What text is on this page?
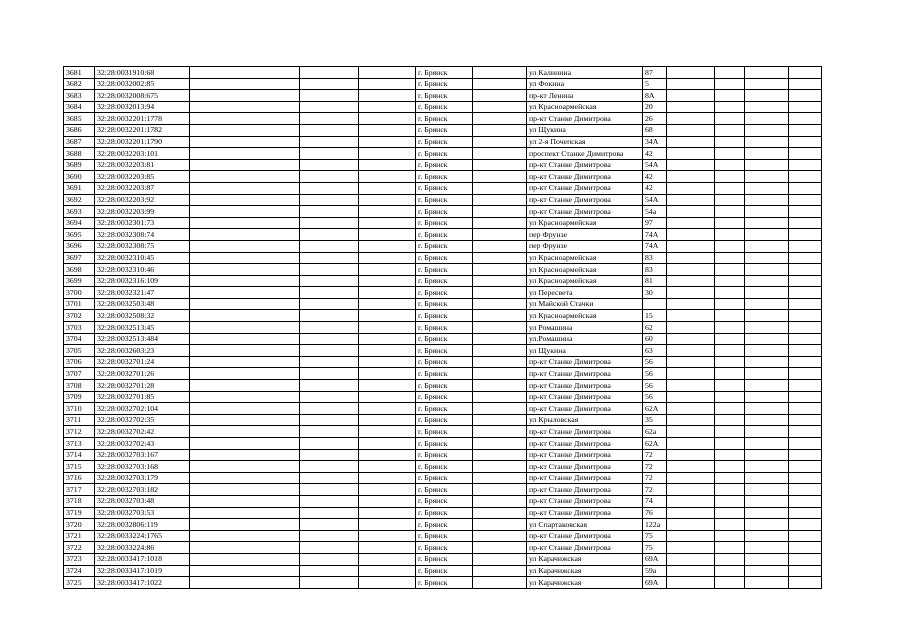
3681	32:28:0031910:68				г. Брянск		ул Калинина	87				
3682	32:28:0032002:85				г. Брянск		ул Фокина	5				
3683	32:28:0032008:675				г. Брянск		пр-кт Ленина	8А				
3684	32:28:0032013:94				г. Брянск		ул Красноармейская	20				
3685	32:28:0032201:1778				г. Брянск		пр-кт Станке Димитрова	26				
3686	32:28:0032201:1782				г. Брянск		ул Щукина	68				
3687	32:28:0032201:1790				г. Брянск		ул 2-я Почепская	34А				
3688	32:28:0032203:101				г. Брянск		проспект Станке Димитрова	42				
3689	32:28:0032203:81				г. Брянск		пр-кт Станке Димитрова	54А				
3690	32:28:0032203:85				г. Брянск		пр-кт Станке Димитрова	42				
3691	32:28:0032203:87				г. Брянск		пр-кт Станке Димитрова	42				
3692	32:28:0032203:92				г. Брянск		пр-кт Станке Димитрова	54А				
3693	32:28:0032203:99				г. Брянск		пр-кт Станке Димитрова	54а				
3694	32:28:0032301:73				г. Брянск		ул Красноармейская	97				
3695	32:28:0032308:74				г. Брянск		пер Фрунзе	74А				
3696	32:28:0032308:75				г. Брянск		пер Фрунзе	74А				
3697	32:28:0032310:45				г. Брянск		ул Красноармейская	83				
3698	32:28:0032310:46				г. Брянск		ул Красноармейская	83				
3699	32:28:0032316:109				г. Брянск		ул Красноармейская	81				
3700	32:28:0032321:47				г. Брянск		ул Пересвета	30				
3701	32:28:0032503:48				г. Брянск		ул Майской Стачки					
3702	32:28:0032508:32				г. Брянск		ул Красноармейская	15				
3703	32:28:0032513:45				г. Брянск		ул Ромашина	62				
3704	32:28:0032513:484				г. Брянск		ул.Ромашина	60				
3705	32:28:0032603:23				г. Брянск		ул Щукина	63				
3706	32:28:0032701:24				г. Брянск		пр-кт Станке Димитрова	56				
3707	32:28:0032701:26				г. Брянск		пр-кт Станке Димитрова	56				
3708	32:28:0032701:28				г. Брянск		пр-кт Станке Димитрова	56				
3709	32:28:0032701:85				г. Брянск		пр-кт Станке Димитрова	56				
3710	32:28:0032702:104				г. Брянск		пр-кт Станке Димитрова	62А				
3711	32:28:0032702:35				г. Брянск		ул Крыловская	35				
3712	32:28:0032702:42				г. Брянск		пр-кт Станке Димитрова	62а				
3713	32:28:0032702:43				г. Брянск		пр-кт Станке Димитрова	62А				
3714	32:28:0032703:167				г. Брянск		пр-кт Станке Димитрова	72				
3715	32:28:0032703:168				г. Брянск		пр-кт Станке Димитрова	72				
3716	32:28:0032703:179				г. Брянск		пр-кт Станке Димитрова	72				
3717	32:28:0032703:182				г. Брянск		пр-кт Станке Димитрова	72				
3718	32:28:0032703:48				г. Брянск		пр-кт Станке Димитрова	74				
3719	32:28:0032703:53				г. Брянск		пр-кт Станке Димитрова	76				
3720	32:28:0032806:119				г. Брянск		ул Спартаковская	122а				
3721	32:28:0033224:1765				г. Брянск		пр-кт Станке Димитрова	75				
3722	32:28:0033224:86				г. Брянск		пр-кт Станке Димитрова	75				
3723	32:28:0033417:1018				г. Брянск		ул Карачижская	69А				
3724	32:28:0033417:1019				г. Брянск		ул Карачижская	59а				
3725	32:28:0033417:1022				г. Брянск		ул Карачижская	69А				
